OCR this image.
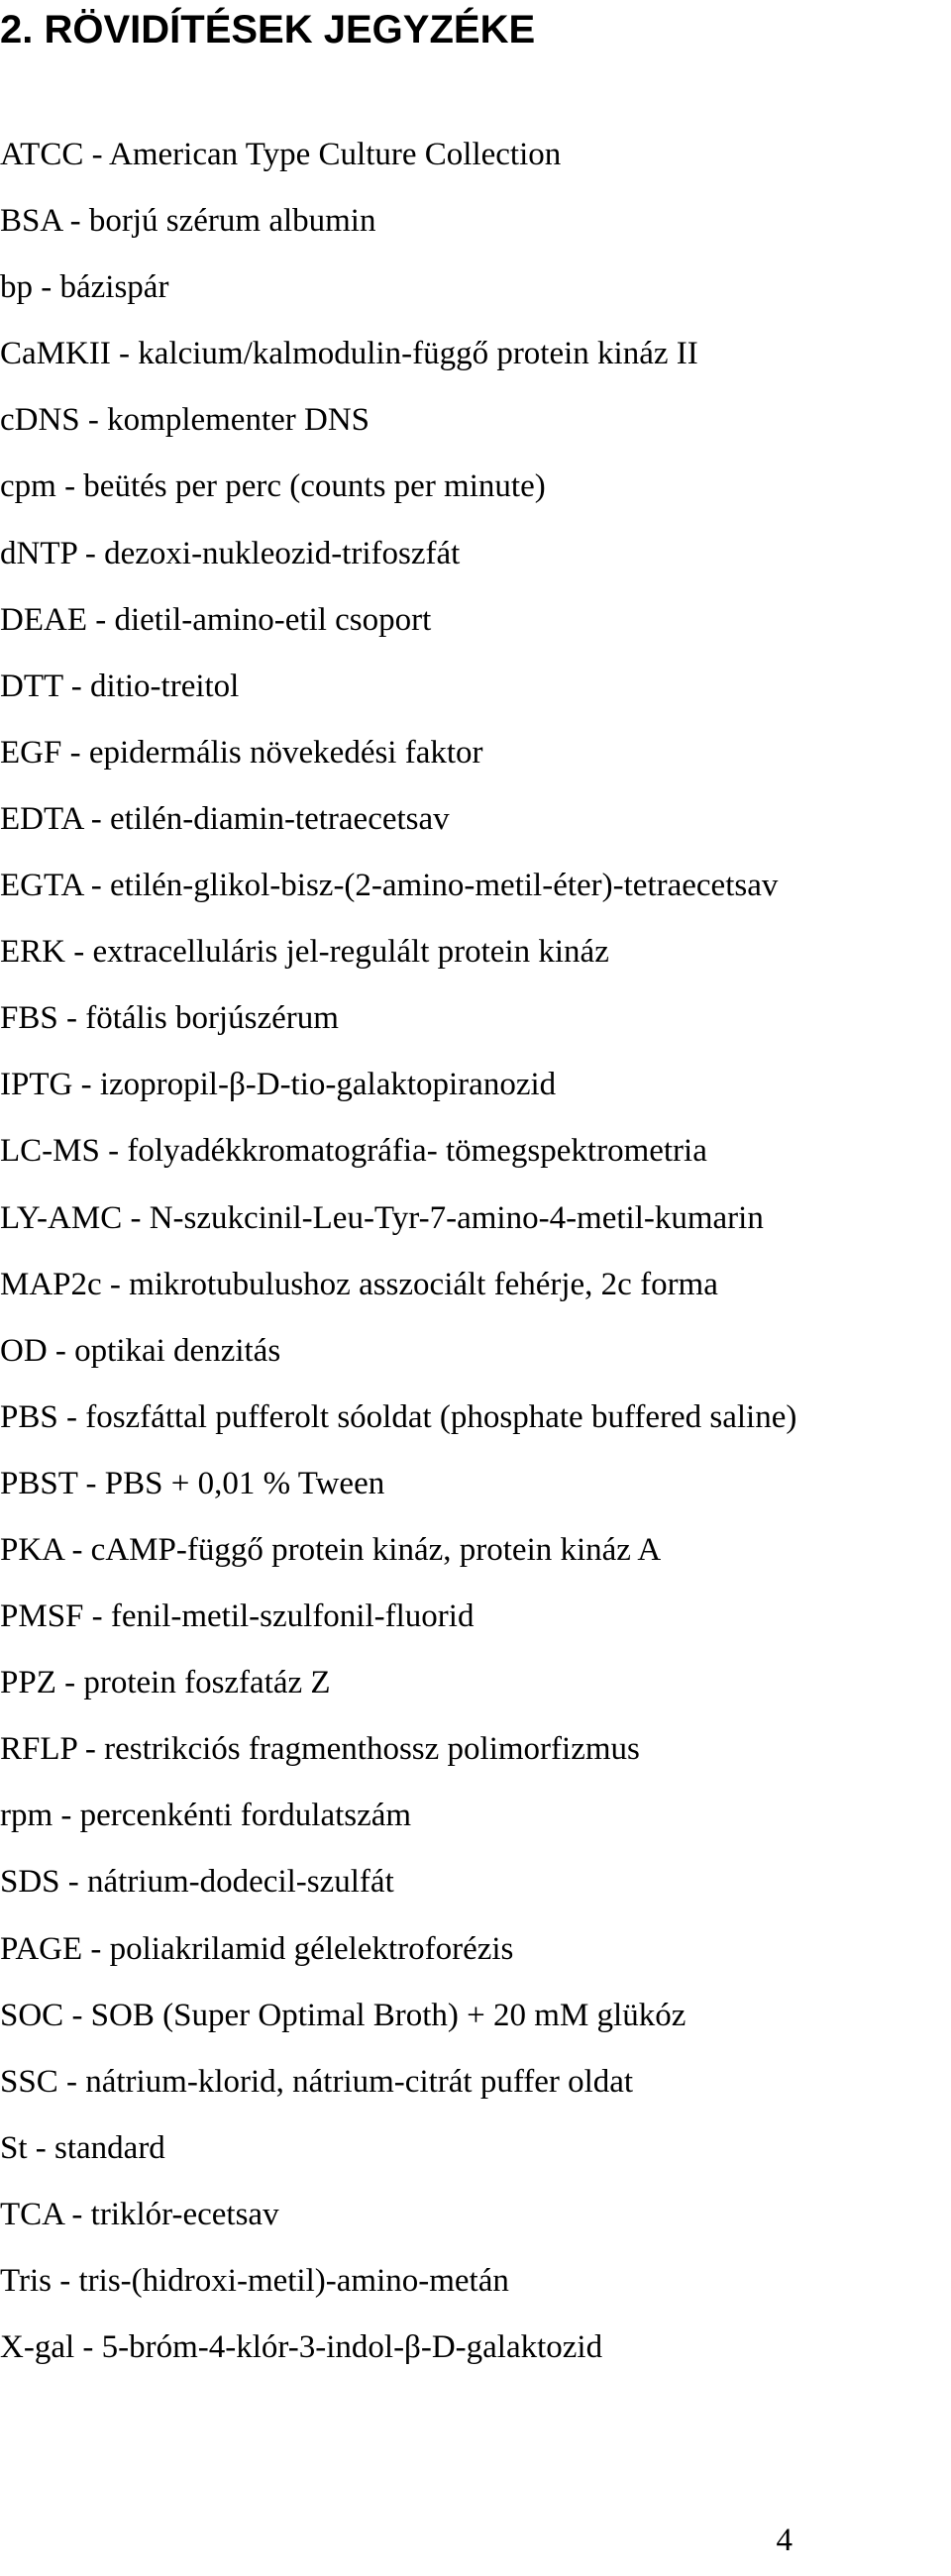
2. RÖVIDÍTÉSEK JEGYZÉKE
ATCC - American Type Culture Collection
BSA - borjú szérum albumin
bp - bázispár
CaMKII - kalcium/kalmodulin-függő protein kináz II
cDNS - komplementer DNS
cpm - beütés per perc (counts per minute)
dNTP - dezoxi-nukleozid-trifoszfát
DEAE - dietil-amino-etil csoport
DTT - ditio-treitol
EGF - epidermális növekedési faktor
EDTA - etilén-diamin-tetraecetsav
EGTA - etilén-glikol-bisz-(2-amino-metil-éter)-tetraecetsav
ERK - extracelluláris jel-regulált protein kináz
FBS - fötális borjúszérum
IPTG - izopropil-β-D-tio-galaktopiranozid
LC-MS - folyadékkromatográfia- tömegspektrometria
LY-AMC - N-szukcinil-Leu-Tyr-7-amino-4-metil-kumarin
MAP2c - mikrotubulushoz asszociált fehérje, 2c forma
OD - optikai denzitás
PBS - foszfáttal pufferolt sóoldat (phosphate buffered saline)
PBST - PBS + 0,01 % Tween
PKA - cAMP-függő protein kináz, protein kináz A
PMSF - fenil-metil-szulfonil-fluorid
PPZ - protein foszfatáz Z
RFLP - restrikciós fragmenthossz polimorfizmus
rpm - percenkénti fordulatszám
SDS - nátrium-dodecil-szulfát
PAGE - poliakrilamid gélelektroforézis
SOC - SOB (Super Optimal Broth) + 20 mM glükóz
SSC - nátrium-klorid, nátrium-citrát puffer oldat
St - standard
TCA - triklór-ecetsav
Tris - tris-(hidroxi-metil)-amino-metán
X-gal - 5-bróm-4-klór-3-indol-β-D-galaktozid
4
